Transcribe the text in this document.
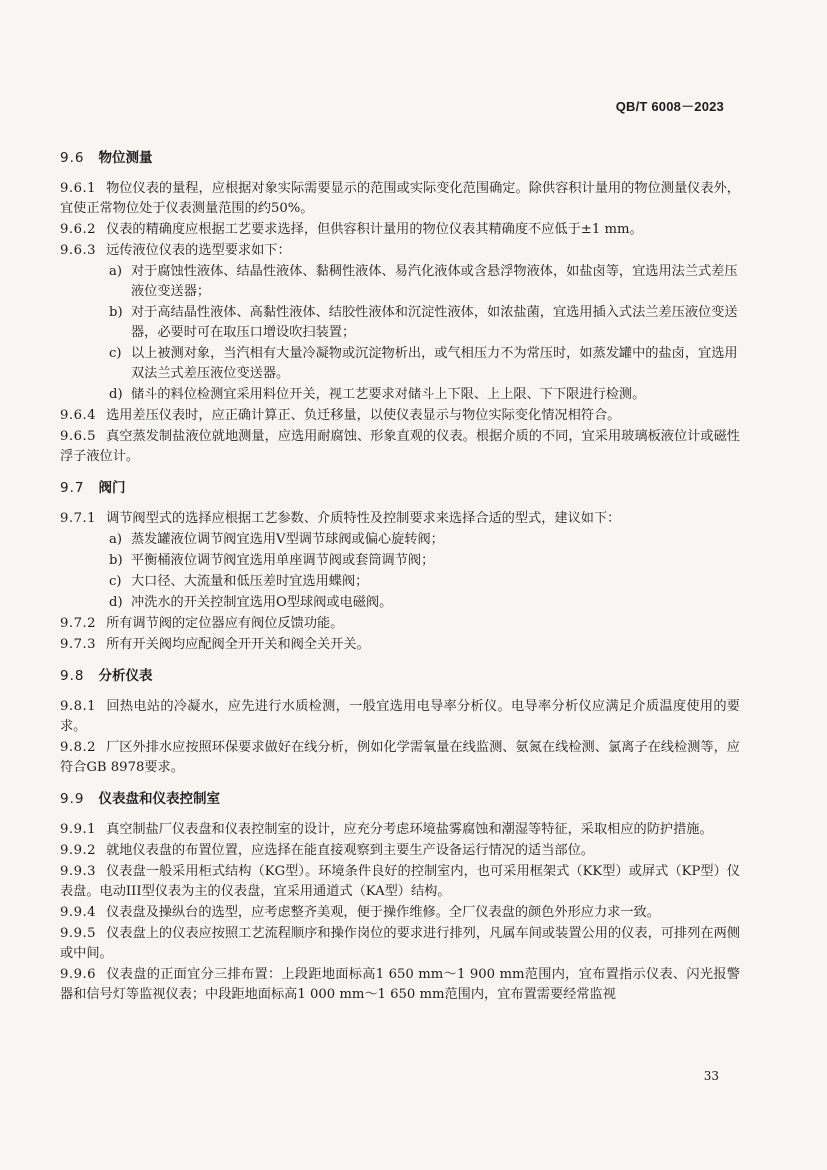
QB/T 6008－2023
9.6 物位测量
9.6.1 物位仪表的量程，应根据对象实际需要显示的范围或实际变化范围确定。除供容积计量用的物位测量仪表外，宜使正常物位处于仪表测量范围的约50%。
9.6.2 仪表的精确度应根据工艺要求选择，但供容积计量用的物位仪表其精确度不应低于±1 mm。
9.6.3 远传液位仪表的选型要求如下：
a) 对于腐蚀性液体、结晶性液体、黏稠性液体、易汽化液体或含悬浮物液体，如盐卤等，宜选用法兰式差压液位变送器；
b) 对于高结晶性液体、高黏性液体、结胶性液体和沉淀性液体，如浓盐菌，宜选用插入式法兰差压液位变送器，必要时可在取压口增设吹扫装置；
c) 以上被测对象，当汽相有大量冷凝物或沉淀物析出，或气相压力不为常压时，如蒸发罐中的盐卤，宜选用双法兰式差压液位变送器。
d) 储斗的料位检测宜采用料位开关，视工艺要求对储斗上下限、上上限、下下限进行检测。
9.6.4 选用差压仪表时，应正确计算正、负迁移量，以使仪表显示与物位实际变化情况相符合。
9.6.5 真空蒸发制盐液位就地测量，应选用耐腐蚀、形象直观的仪表。根据介质的不同，宜采用玻璃板液位计或磁性浮子液位计。
9.7 阀门
9.7.1 调节阀型式的选择应根据工艺参数、介质特性及控制要求来选择合适的型式，建议如下：
a) 蒸发罐液位调节阀宜选用V型调节球阀或偏心旋转阀；
b) 平衡桶液位调节阀宜选用单座调节阀或套筒调节阀；
c) 大口径、大流量和低压差时宜选用蝶阀；
d) 冲洗水的开关控制宜选用O型球阀或电磁阀。
9.7.2 所有调节阀的定位器应有阀位反馈功能。
9.7.3 所有开关阀均应配阀全开开关和阀全关开关。
9.8 分析仪表
9.8.1 回热电站的冷凝水，应先进行水质检测，一般宜选用电导率分析仪。电导率分析仪应满足介质温度使用的要求。
9.8.2 厂区外排水应按照环保要求做好在线分析，例如化学需氧量在线监测、氨氮在线检测、氯离子在线检测等，应符合GB 8978要求。
9.9 仪表盘和仪表控制室
9.9.1 真空制盐厂仪表盘和仪表控制室的设计，应充分考虑环境盐雾腐蚀和潮湿等特征，采取相应的防护措施。
9.9.2 就地仪表盘的布置位置，应选择在能直接观察到主要生产设备运行情况的适当部位。
9.9.3 仪表盘一般采用柜式结构（KG型）。环境条件良好的控制室内，也可采用框架式（KK型）或屏式（KP型）仪表盘。电动III型仪表为主的仪表盘，宜采用通道式（KA型）结构。
9.9.4 仪表盘及操纵台的选型，应考虑整齐美观，便于操作维修。全厂仪表盘的颜色外形应力求一致。
9.9.5 仪表盘上的仪表应按照工艺流程顺序和操作岗位的要求进行排列，凡属车间或装置公用的仪表，可排列在两侧或中间。
9.9.6 仪表盘的正面宜分三排布置：上段距地面标高1 650 mm～1 900 mm范围内，宜布置指示仪表、闪光报警器和信号灯等监视仪表；中段距地面标高1 000 mm～1 650 mm范围内，宜布置需要经常监视
33
